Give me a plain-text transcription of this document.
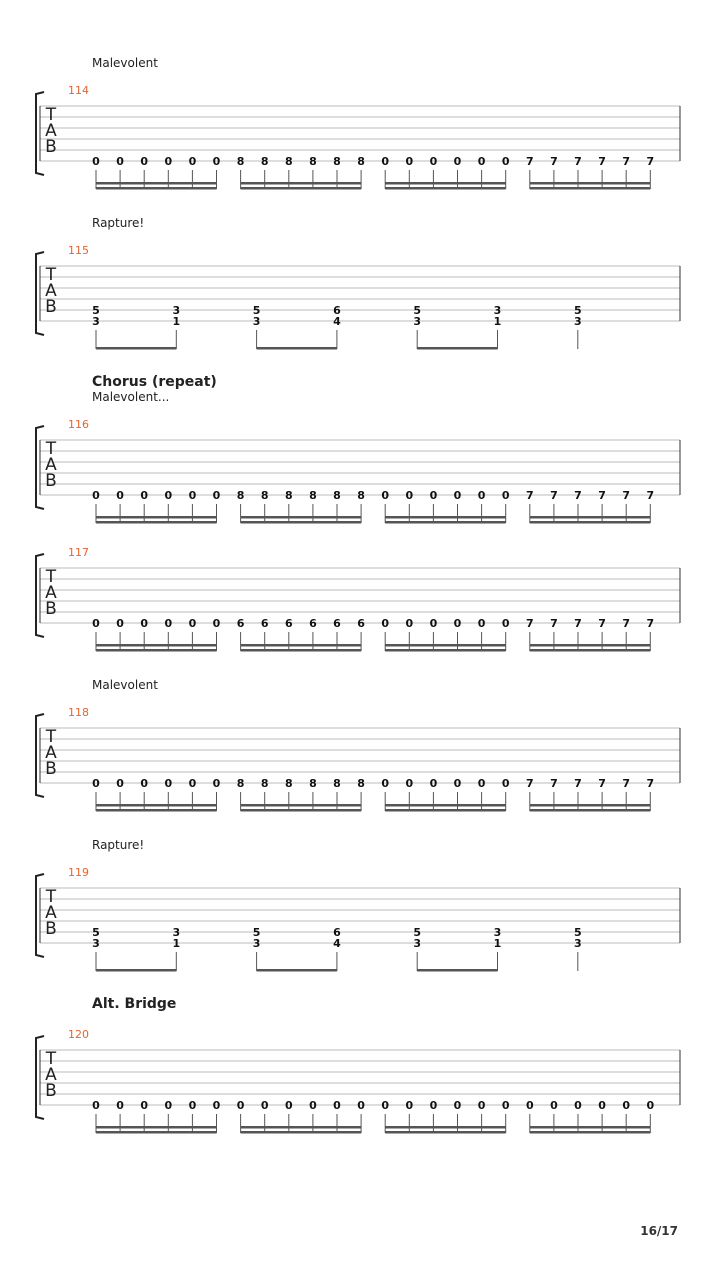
Malevolent
114
T
A
B
0 0 0 0 0 0 8 8 8 8 8 8 0 0 0 0 0 0 7 7 7 7 7 7
Rapture!
115
T
A
B	5
3
3
1
5
3
6
4
5
3
3
1
5
3
Chorus (repeat)
Malevolent...
116
T
A
B
0 0 0 0 0 0 8 8 8 8 8 8 0 0 0 0 0 0 7 7 7 7 7 7
117
T
A
B
0 0 0 0 0 0 6 6 6 6 6 6 0 0 0 0 0 0 7 7 7 7 7 7
Malevolent
118
T
A
B
0 0 0 0 0 0 8 8 8 8 8 8 0 0 0 0 0 0 7 7 7 7 7 7
Rapture!
119
T
A
B	5
3
3
1
5
3
6
4
5
3
3
1
5
3
Alt. Bridge
120
T
A
B
0 0 0 0 0 0 0 0 0 0 0 0 0 0 0 0 0 0 0 0 0 0 0 0
16/17
